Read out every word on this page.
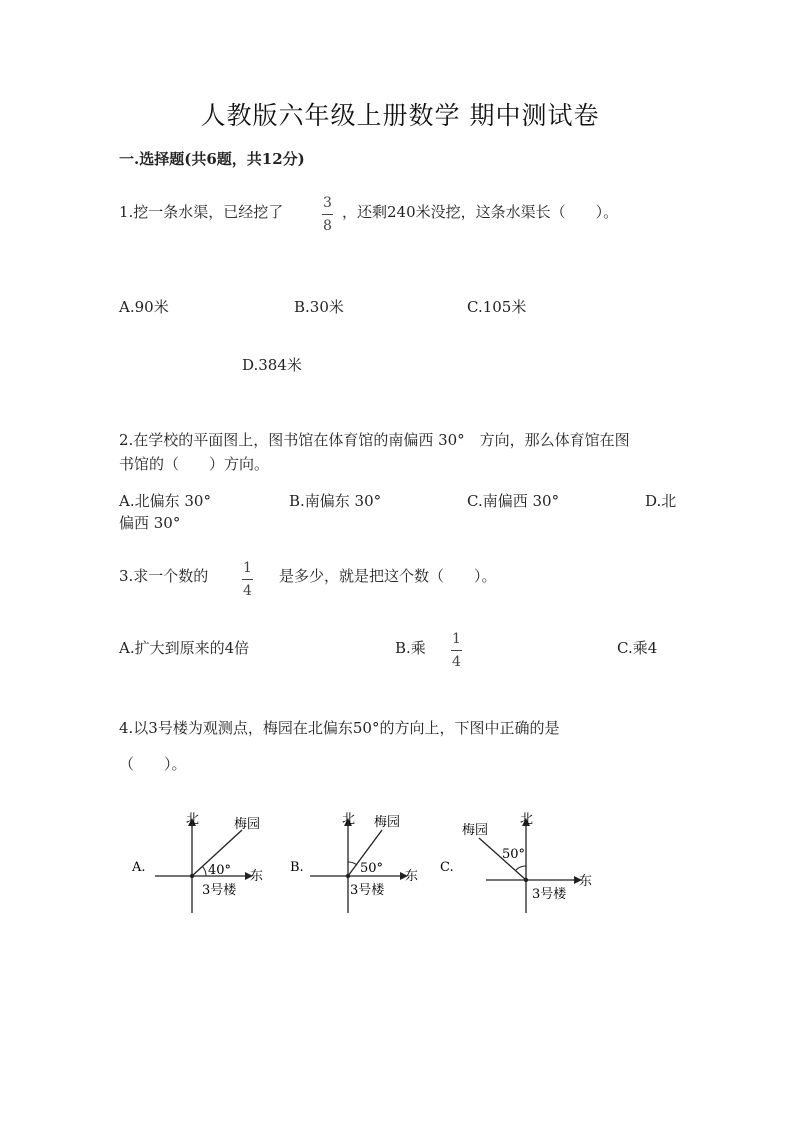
人教版六年级上册数学 期中测试卷
一.选择题(共6题，共12分)
1.挖一条水渠，已经挖了	3
8
，还剩240米没挖，这条水渠长（　　）。
A.90米	B.30米	C.105米
D.384米
2.在学校的平面图上，图书馆在体育馆的南偏西 30°　方向，那么体育馆在图
书馆的（　　）方向。
A.北偏东 30°	B.南偏东 30°	C.南偏西 30°	D.北
偏西 30°
3.求一个数的 1
4
是多少，就是把这个数（　　）。
A.扩大到原来的4倍	B.乘 1
4
C.乘4
4.以3号楼为观测点，梅园在北偏东50°的方向上，下图中正确的是
（　　）。
A.
北	梅园
40° 东
3号楼
B.
北 梅园
50°
东
3号楼
C.
北
梅园
50°
东
3号楼
